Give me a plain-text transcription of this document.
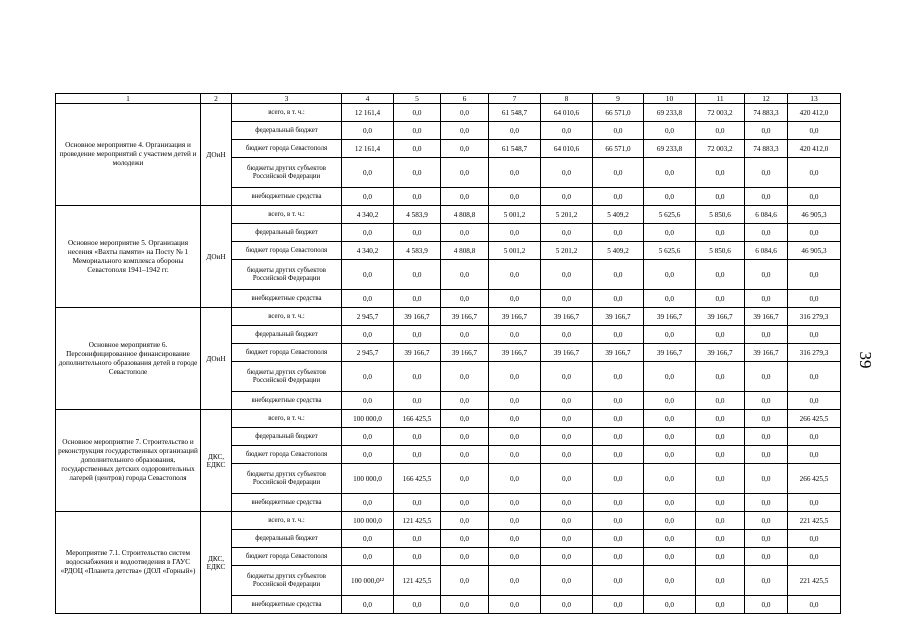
1	2	3	4	5	6	7	8	9	10	11	12	13
Основное мероприятие 4. Организация и проведение мероприятий с участием детей и молодежи	ДОиН	всего, в т. ч.:	12 161,4	0,0	0,0	61 548,7	64 010,6	66 571,0	69 233,8	72 003,2	74 883,3	420 412,0
		федеральный бюджет	0,0	0,0	0,0	0,0	0,0	0,0	0,0	0,0	0,0	0,0
		бюджет города Севастополя	12 161,4	0,0	0,0	61 548,7	64 010,6	66 571,0	69 233,8	72 003,2	74 883,3	420 412,0
		бюджеты других субъектов Российской Федерации	0,0	0,0	0,0	0,0	0,0	0,0	0,0	0,0	0,0	0,0
		внебюджетные средства	0,0	0,0	0,0	0,0	0,0	0,0	0,0	0,0	0,0	0,0
Основное мероприятие 5. Организация несения «Вахты памяти» на Посту № 1 Мемориального комплекса обороны Севастополя 1941–1942 гг.	ДОиН	всего, в т. ч.:	4 340,2	4 583,9	4 808,8	5 001,2	5 201,2	5 409,2	5 625,6	5 850,6	6 084,6	46 905,3
		федеральный бюджет	0,0	0,0	0,0	0,0	0,0	0,0	0,0	0,0	0,0	0,0
		бюджет города Севастополя	4 340,2	4 583,9	4 808,8	5 001,2	5 201,2	5 409,2	5 625,6	5 850,6	6 084,6	46 905,3
		бюджеты других субъектов Российской Федерации	0,0	0,0	0,0	0,0	0,0	0,0	0,0	0,0	0,0	0,0
		внебюджетные средства	0,0	0,0	0,0	0,0	0,0	0,0	0,0	0,0	0,0	0,0
Основное мероприятие 6. Персонифицированное финансирование дополнительного образования детей в городе Севастополе	ДОиН	всего, в т. ч.:	2 945,7	39 166,7	39 166,7	39 166,7	39 166,7	39 166,7	39 166,7	39 166,7	39 166,7	316 279,3
		федеральный бюджет	0,0	0,0	0,0	0,0	0,0	0,0	0,0	0,0	0,0	0,0
		бюджет города Севастополя	2 945,7	39 166,7	39 166,7	39 166,7	39 166,7	39 166,7	39 166,7	39 166,7	39 166,7	316 279,3
		бюджеты других субъектов Российской Федерации	0,0	0,0	0,0	0,0	0,0	0,0	0,0	0,0	0,0	0,0
		внебюджетные средства	0,0	0,0	0,0	0,0	0,0	0,0	0,0	0,0	0,0	0,0
Основное мероприятие 7. Строительство и реконструкция государственных организаций дополнительного образования, государственных детских оздоровительных лагерей (центров) города Севастополя	ДКС, ЕДКС	всего, в т. ч.:	100 000,0	166 425,5	0,0	0,0	0,0	0,0	0,0	0,0	0,0	266 425,5
		федеральный бюджет	0,0	0,0	0,0	0,0	0,0	0,0	0,0	0,0	0,0	0,0
		бюджет города Севастополя	0,0	0,0	0,0	0,0	0,0	0,0	0,0	0,0	0,0	0,0
		бюджеты других субъектов Российской Федерации	100 000,0	166 425,5	0,0	0,0	0,0	0,0	0,0	0,0	0,0	266 425,5
		внебюджетные средства	0,0	0,0	0,0	0,0	0,0	0,0	0,0	0,0	0,0	0,0
Мероприятие 7.1. Строительство систем водоснабжения и водоотведения в ГАУС «РДОЦ «Планета детства» (ДОЛ «Горный»)	ДКС, ЕДКС	всего, в т. ч.:	100 000,0	121 425,5	0,0	0,0	0,0	0,0	0,0	0,0	0,0	221 425,5
		федеральный бюджет	0,0	0,0	0,0	0,0	0,0	0,0	0,0	0,0	0,0	0,0
		бюджет города Севастополя	0,0	0,0	0,0	0,0	0,0	0,0	0,0	0,0	0,0	0,0
		бюджеты других субъектов Российской Федерации	100 000,0¹²	121 425,5	0,0	0,0	0,0	0,0	0,0	0,0	0,0	221 425,5
		внебюджетные средства	0,0	0,0	0,0	0,0	0,0	0,0	0,0	0,0	0,0	0,0
39
